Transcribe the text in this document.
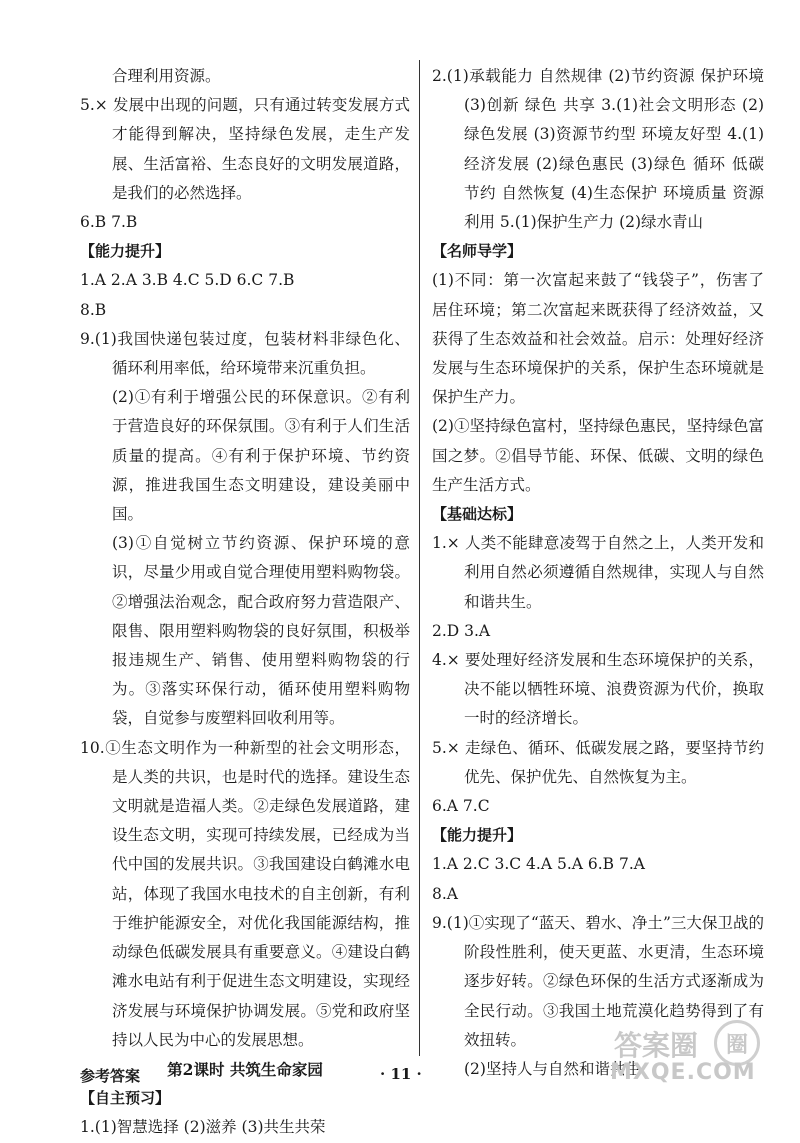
合理利用资源。

5.× 发展中出现的问题，只有通过转变发展方式才能得到解决，坚持绿色发展，走生产发展、生活富裕、生态良好的文明发展道路，是我们的必然选择。

6.B 7.B

【能力提升】

1.A 2.A 3.B 4.C 5.D 6.C 7.B

8.B

9.(1)我国快递包装过度，包装材料非绿色化、循环利用率低，给环境带来沉重负担。

(2)①有利于增强公民的环保意识。②有利于营造良好的环保氛围。③有利于人们生活质量的提高。④有利于保护环境、节约资源，推进我国生态文明建设，建设美丽中国。

(3)①自觉树立节约资源、保护环境的意识，尽量少用或自觉合理使用塑料购物袋。②增强法治观念，配合政府努力营造限产、限售、限用塑料购物袋的良好氛围，积极举报违规生产、销售、使用塑料购物袋的行为。③落实环保行动，循环使用塑料购物袋，自觉参与废塑料回收利用等。

10.①生态文明作为一种新型的社会文明形态，是人类的共识，也是时代的选择。建设生态文明就是造福人类。②走绿色发展道路，建设生态文明，实现可持续发展，已经成为当代中国的发展共识。③我国建设白鹤滩水电站，体现了我国水电技术的自主创新，有利于维护能源安全，对优化我国能源结构，推动绿色低碳发展具有重要意义。④建设白鹤滩水电站有利于促进生态文明建设，实现经济发展与环境保护协调发展。⑤党和政府坚持以人民为中心的发展思想。

第2课时 共筑生命家园

【自主预习】

1.(1)智慧选择 (2)滋养 (3)共生共荣

2.(1)承载能力 自然规律 (2)节约资源 保护环境 (3)创新 绿色 共享 3.(1)社会文明形态 (2)绿色发展 (3)资源节约型 环境友好型 4.(1)经济发展 (2)绿色惠民 (3)绿色 循环 低碳 节约 自然恢复 (4)生态保护 环境质量 资源利用 5.(1)保护生产力 (2)绿水青山

【名师导学】

(1)不同：第一次富起来鼓了“钱袋子”，伤害了居住环境；第二次富起来既获得了经济效益，又获得了生态效益和社会效益。启示：处理好经济发展与生态环境保护的关系，保护生态环境就是保护生产力。

(2)①坚持绿色富村，坚持绿色惠民，坚持绿色富国之梦。②倡导节能、环保、低碳、文明的绿色生产生活方式。

【基础达标】

1.× 人类不能肆意凌驾于自然之上，人类开发和利用自然必须遵循自然规律，实现人与自然和谐共生。

2.D 3.A

4.× 要处理好经济发展和生态环境保护的关系，决不能以牺牲环境、浪费资源为代价，换取一时的经济增长。

5.× 走绿色、循环、低碳发展之路，要坚持节约优先、保护优先、自然恢复为主。

6.A 7.C

【能力提升】

1.A 2.C 3.C 4.A 5.A 6.B 7.A

8.A

9.(1)①实现了“蓝天、碧水、净土”三大保卫战的阶段性胜利，使天更蓝、水更清，生态环境逐步好转。②绿色环保的生活方式逐渐成为全民行动。③我国土地荒漠化趋势得到了有效扭转。

(2)坚持人与自然和谐共生

参考答案	· 11 ·
答案圈	圈
MXQE.COM
